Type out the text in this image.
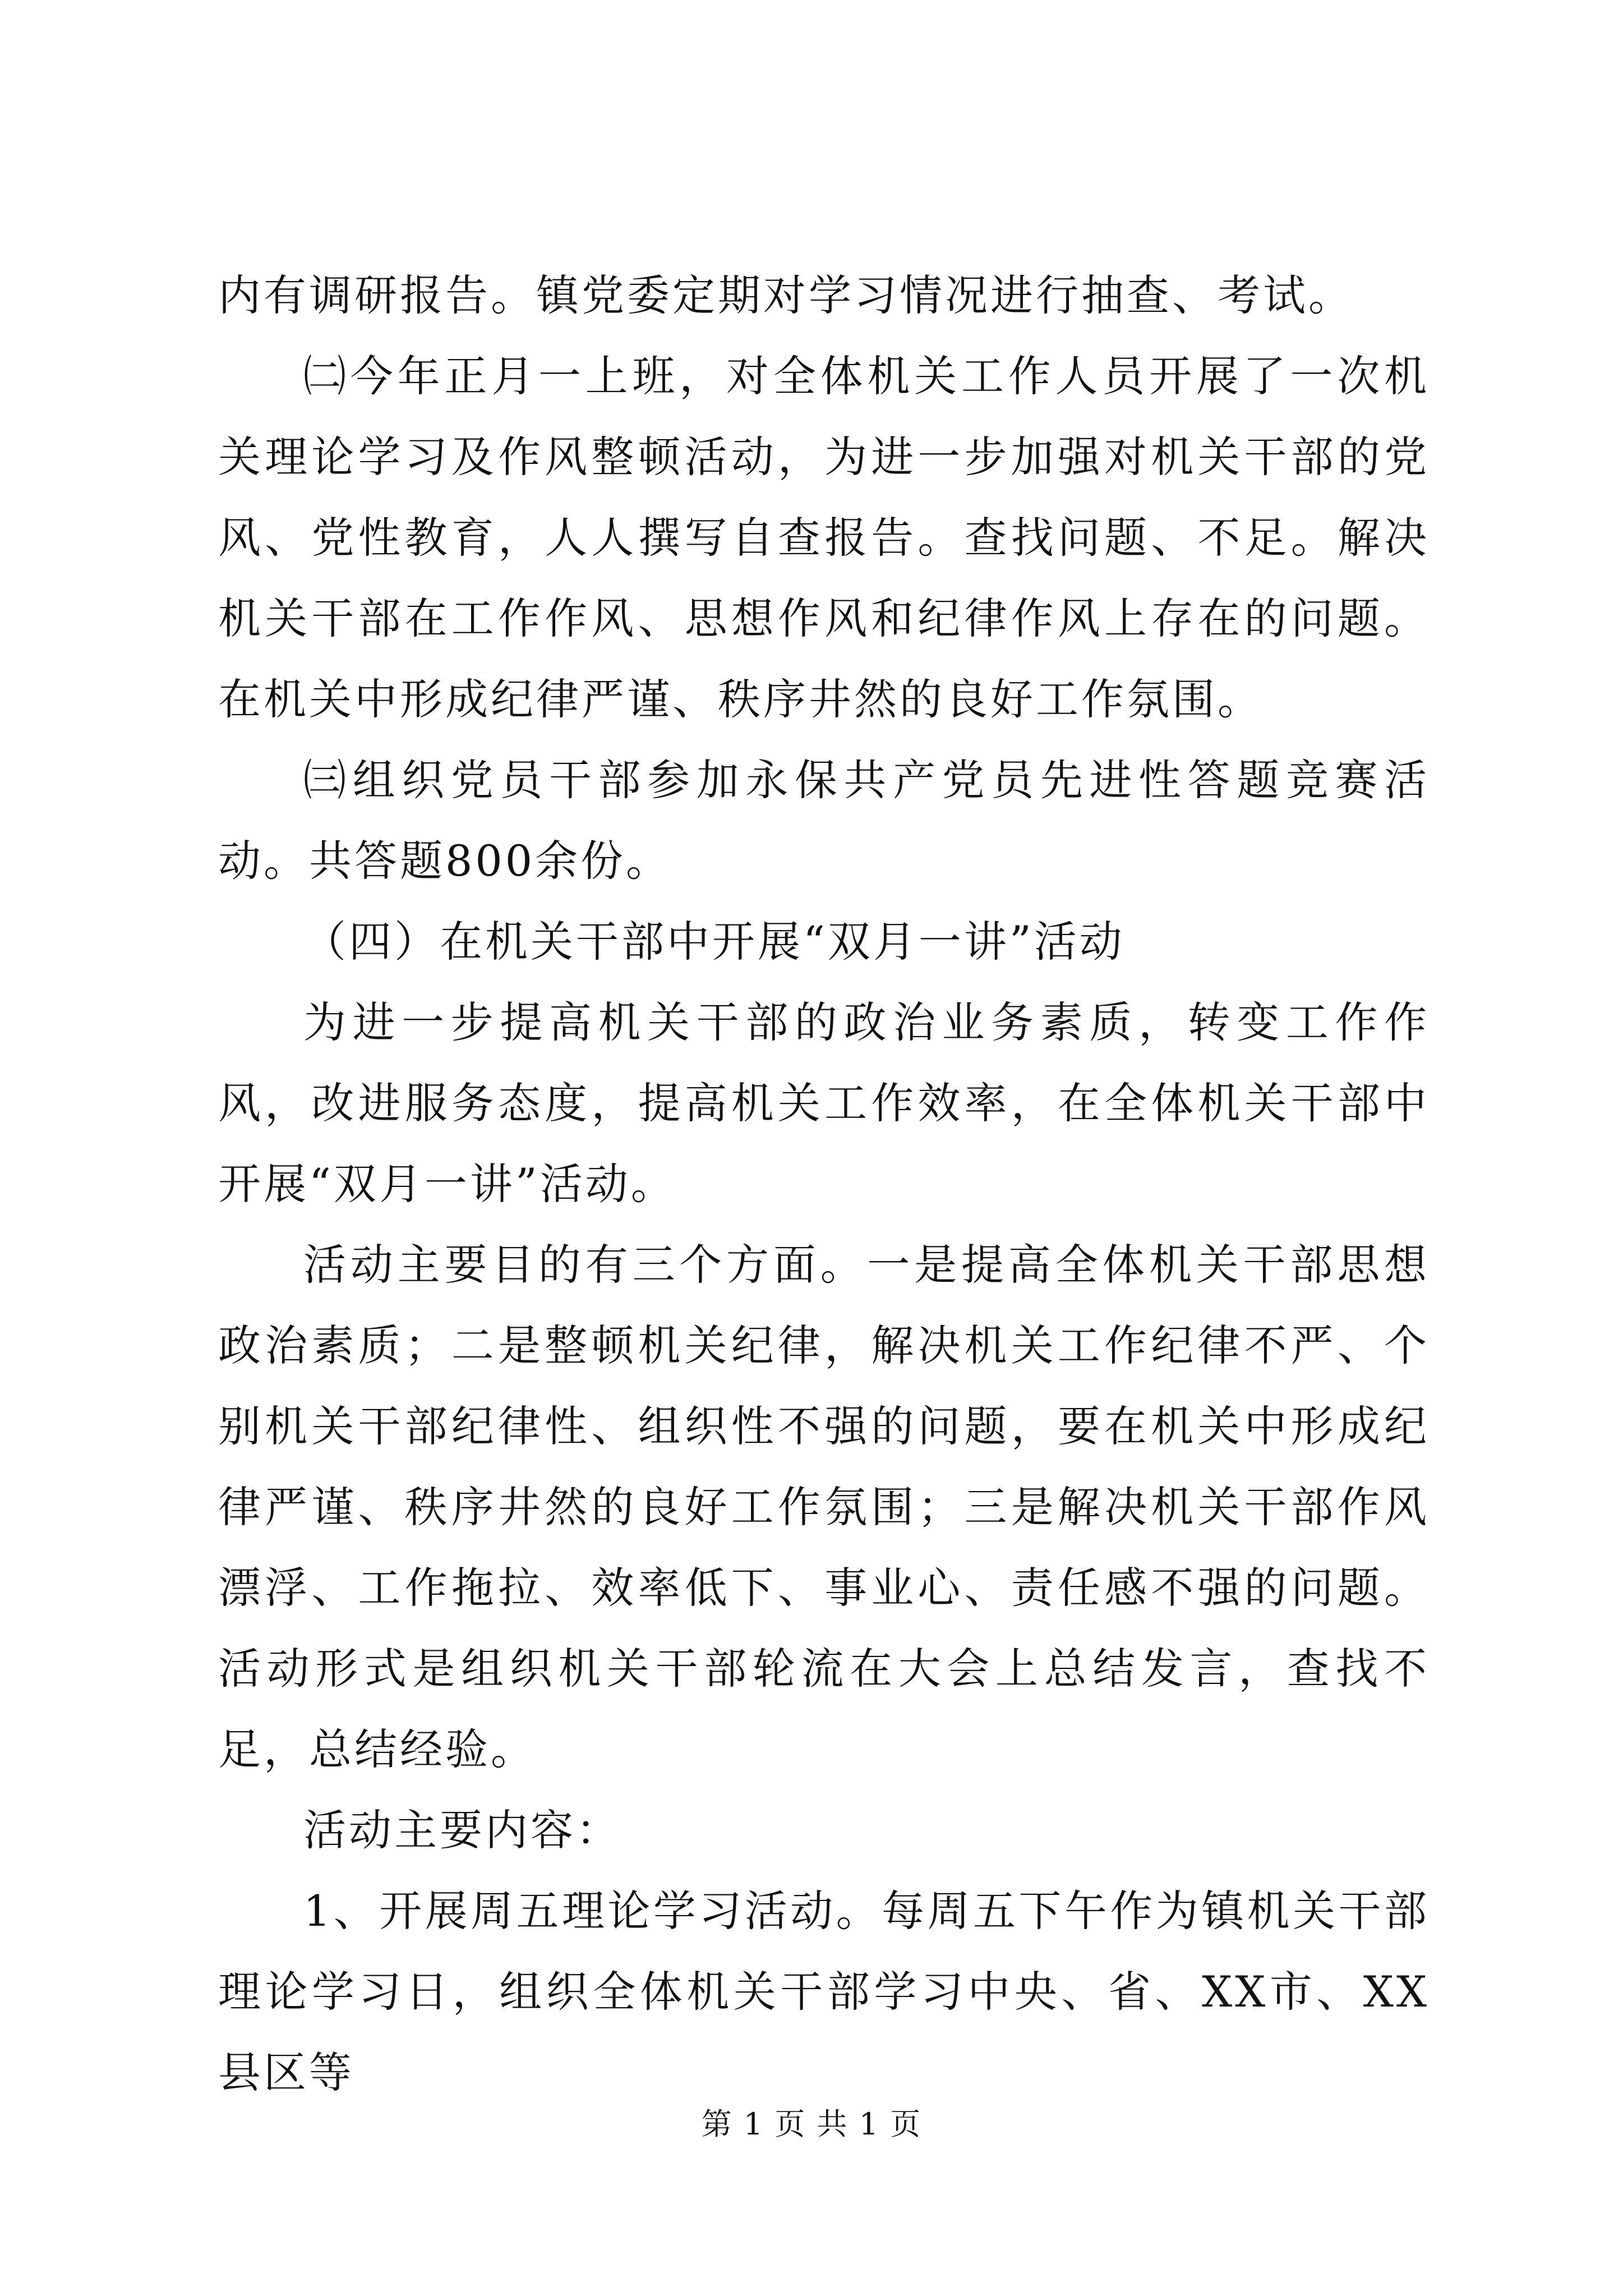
内有调研报告。镇党委定期对学习情况进行抽查、考试。

㈡今年正月一上班，对全体机关工作人员开展了一次机关理论学习及作风整顿活动，为进一步加强对机关干部的党风、党性教育，人人撰写自查报告。查找问题、不足。解决机关干部在工作作风、思想作风和纪律作风上存在的问题。在机关中形成纪律严谨、秩序井然的良好工作氛围。

㈢组织党员干部参加永保共产党员先进性答题竞赛活动。共答题800余份。

（四）在机关干部中开展“双月一讲”活动

为进一步提高机关干部的政治业务素质，转变工作作风，改进服务态度，提高机关工作效率，在全体机关干部中开展“双月一讲”活动。

活动主要目的有三个方面。一是提高全体机关干部思想政治素质；二是整顿机关纪律，解决机关工作纪律不严、个别机关干部纪律性、组织性不强的问题，要在机关中形成纪律严谨、秩序井然的良好工作氛围；三是解决机关干部作风漂浮、工作拖拉、效率低下、事业心、责任感不强的问题。活动形式是组织机关干部轮流在大会上总结发言，查找不足，总结经验。

活动主要内容：

1、开展周五理论学习活动。每周五下午作为镇机关干部理论学习日，组织全体机关干部学习中央、省、XX市、XX县区等

第 1 页 共 1 页
